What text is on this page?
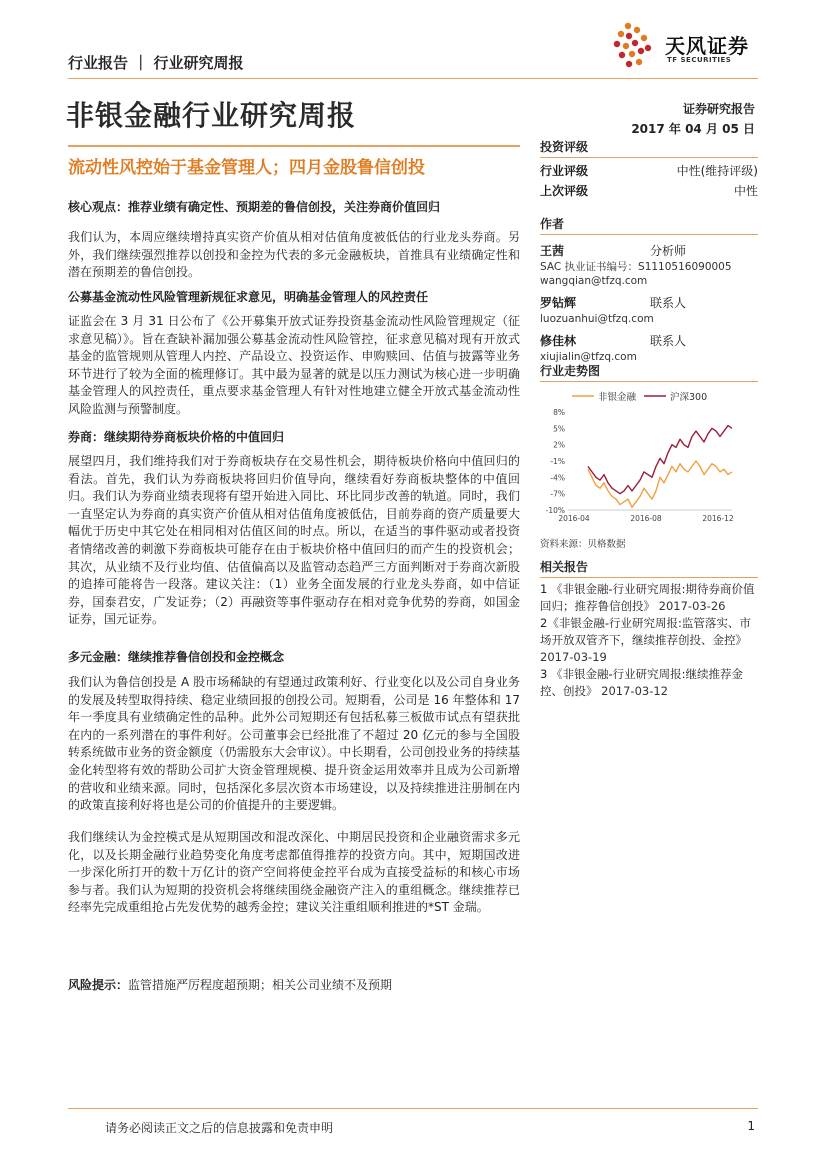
行业报告 ｜ 行业研究周报
天风证券
TF SECURITIES
非银金融行业研究周报	证券研究报告
2017 年 04 月 05 日
流动性风控始于基金管理人；四月金股鲁信创投
核心观点：推荐业绩有确定性、预期差的鲁信创投，关注券商价值回归
我们认为，本周应继续增持真实资产价值从相对估值角度被低估的行业龙头券商。另外，我们继续强烈推荐以创投和金控为代表的多元金融板块，首推具有业绩确定性和潜在预期差的鲁信创投。
公募基金流动性风险管理新规征求意见，明确基金管理人的风控责任
证监会在 3 月 31 日公布了《公开募集开放式证券投资基金流动性风险管理规定（征求意见稿）》。旨在查缺补漏加强公募基金流动性风险管控，征求意见稿对现有开放式基金的监管规则从管理人内控、产品设立、投资运作、申购赎回、估值与披露等业务环节进行了较为全面的梳理修订。其中最为显著的就是以压力测试为核心进一步明确基金管理人的风控责任，重点要求基金管理人有针对性地建立健全开放式基金流动性风险监测与预警制度。
券商：继续期待券商板块价格的中值回归
展望四月，我们维持我们对于券商板块存在交易性机会，期待板块价格向中值回归的看法。首先，我们认为券商板块将回归价值导向，继续看好券商板块整体的中值回归。我们认为券商业绩表现将有望开始进入同比、环比同步改善的轨道。同时，我们一直坚定认为券商的真实资产价值从相对估值角度被低估，目前券商的资产质量要大幅优于历史中其它处在相同相对估值区间的时点。所以，在适当的事件驱动或者投资者情绪改善的刺激下券商板块可能存在由于板块价格中值回归的而产生的投资机会；其次，从业绩不及行业均值、估值偏高以及监管动态趋严三方面判断对于券商次新股的追捧可能将告一段落。建议关注：（1）业务全面发展的行业龙头券商，如中信证券，国泰君安，广发证券；（2）再融资等事件驱动存在相对竞争优势的券商，如国金证券，国元证券。
多元金融：继续推荐鲁信创投和金控概念
我们认为鲁信创投是 A 股市场稀缺的有望通过政策利好、行业变化以及公司自身业务的发展及转型取得持续、稳定业绩回报的创投公司。短期看，公司是 16 年整体和 17 年一季度具有业绩确定性的品种。此外公司短期还有包括私募三板做市试点有望获批在内的一系列潜在的事件利好。公司董事会已经批准了不超过 20 亿元的参与全国股转系统做市业务的资金额度（仍需股东大会审议）。中长期看，公司创投业务的持续基金化转型将有效的帮助公司扩大资金管理规模、提升资金运用效率并且成为公司新增的营收和业绩来源。同时，包括深化多层次资本市场建设，以及持续推进注册制在内的政策直接利好将也是公司的价值提升的主要逻辑。
我们继续认为金控模式是从短期国改和混改深化、中期居民投资和企业融资需求多元化，以及长期金融行业趋势变化角度考虑都值得推荐的投资方向。其中，短期国改进一步深化所打开的数十万亿计的资产空间将使金控平台成为直接受益标的和核心市场参与者。我们认为短期的投资机会将继续围绕金融资产注入的重组概念。继续推荐已经率先完成重组抢占先发优势的越秀金控；建议关注重组顺利推进的*ST 金瑞。
风险提示：监管措施严厉程度超预期；相关公司业绩不及预期
投资评级
行业评级	中性(维持评级)
上次评级	中性
作者
王茜	分析师
SAC 执业证书编号：S1110516090005
wangqian@tfzq.com
罗钻辉	联系人
luozuanhui@tfzq.com
修佳林	联系人
xiujialin@tfzq.com
行业走势图
非银金融	沪深300
8%
5%
2%
-1%
-4%
-7%
-10%
2016-04	2016-08	2016-12
资料来源：贝格数据
相关报告
1 《非银金融-行业研究周报:期待券商价值回归；推荐鲁信创投》 2017-03-26
2《非银金融-行业研究周报:监管落实、市场开放双管齐下，继续推荐创投、金控》 2017-03-19
3 《非银金融-行业研究周报:继续推荐金控、创投》 2017-03-12
请务必阅读正文之后的信息披露和免责申明	1
